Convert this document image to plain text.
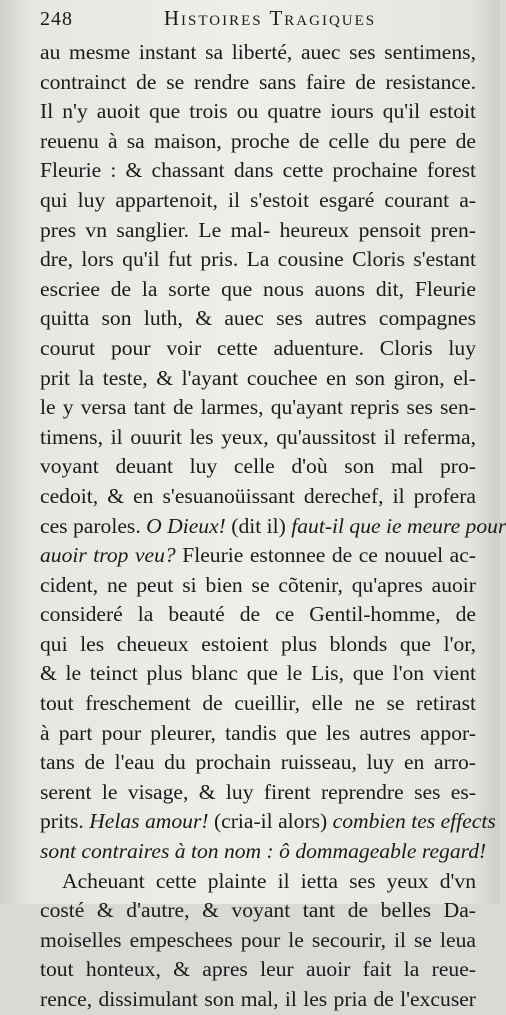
248	Histoires Tragiques
au mesme instant sa liberté, auec ses sentimens,
contrainct de se rendre sans faire de resistance.
Il n'y auoit que trois ou quatre iours qu'il estoit
reuenu à sa maison, proche de celle du pere de
Fleurie : & chassant dans cette prochaine forest
qui luy appartenoit, il s'estoit esgaré courant a-
pres vn sanglier. Le mal- heureux pensoit pren-
dre, lors qu'il fut pris. La cousine Cloris s'estant
escriee de la sorte que nous auons dit, Fleurie
quitta son luth, & auec ses autres compagnes
courut pour voir cette aduenture. Cloris luy
prit la teste, & l'ayant couchee en son giron, el-
le y versa tant de larmes, qu'ayant repris ses sen-
timens, il ouurit les yeux, qu'aussitost il referma,
voyant deuant luy celle d'où son mal pro-
cedoit, & en s'esuanoüissant derechef, il profera
ces paroles. O Dieux! (dit il) faut-il que ie meure pour
auoir trop veu? Fleurie estonnee de ce nouuel ac-
cident, ne peut si bien se cõtenir, qu'apres auoir
consideré la beauté de ce Gentil-homme, de
qui les cheueux estoient plus blonds que l'or,
& le teinct plus blanc que le Lis, que l'on vient
tout freschement de cueillir, elle ne se retirast
à part pour pleurer, tandis que les autres appor-
tans de l'eau du prochain ruisseau, luy en arro-
serent le visage, & luy firent reprendre ses es-
prits. Helas amour! (cria-il alors) combien tes effects
sont contraires à ton nom : ô dommageable regard!
Acheuant cette plainte il ietta ses yeux d'vn
costé & d'autre, & voyant tant de belles Da-
moiselles empeschees pour le secourir, il se leua
tout honteux, & apres leur auoir fait la reue-
rence, dissimulant son mal, il les pria de l'excuser
